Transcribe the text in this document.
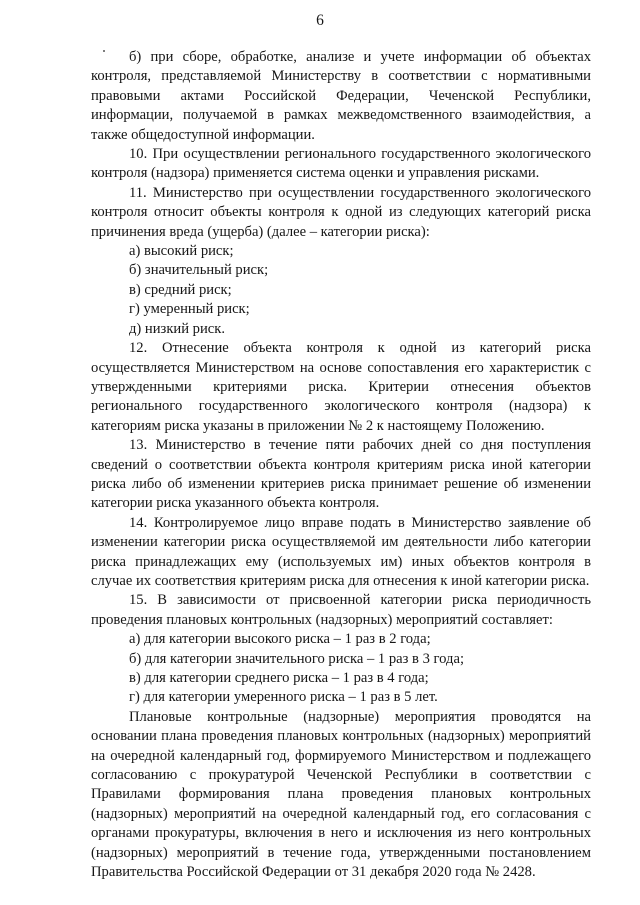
6

б) при сборе, обработке, анализе и учете информации об объектах контроля, представляемой Министерству в соответствии с нормативными правовыми актами Российской Федерации, Чеченской Республики, информации, получаемой в рамках межведомственного взаимодействия, а также общедоступной информации.

10. При осуществлении регионального государственного экологического контроля (надзора) применяется система оценки и управления рисками.

11. Министерство при осуществлении государственного экологического контроля относит объекты контроля к одной из следующих категорий риска причинения вреда (ущерба) (далее – категории риска):

а) высокий риск;

б) значительный риск;

в) средний риск;

г) умеренный риск;

д) низкий риск.

12. Отнесение объекта контроля к одной из категорий риска осуществляется Министерством на основе сопоставления его характеристик с утвержденными критериями риска. Критерии отнесения объектов регионального государственного экологического контроля (надзора) к категориям риска указаны в приложении № 2 к настоящему Положению.

13. Министерство в течение пяти рабочих дней со дня поступления сведений о соответствии объекта контроля критериям риска иной категории риска либо об изменении критериев риска принимает решение об изменении категории риска указанного объекта контроля.

14. Контролируемое лицо вправе подать в Министерство заявление об изменении категории риска осуществляемой им деятельности либо категории риска принадлежащих ему (используемых им) иных объектов контроля в случае их соответствия критериям риска для отнесения к иной категории риска.

15. В зависимости от присвоенной категории риска периодичность проведения плановых контрольных (надзорных) мероприятий составляет:

а) для категории высокого риска – 1 раз в 2 года;

б) для категории значительного риска – 1 раз в 3 года;

в) для категории среднего риска – 1 раз в 4 года;

г) для категории умеренного риска – 1 раз в 5 лет.

Плановые контрольные (надзорные) мероприятия проводятся на основании плана проведения плановых контрольных (надзорных) мероприятий на очередной календарный год, формируемого Министерством и подлежащего согласованию с прокуратурой Чеченской Республики в соответствии с Правилами формирования плана проведения плановых контрольных (надзорных) мероприятий на очередной календарный год, его согласования с органами прокуратуры, включения в него и исключения из него контрольных (надзорных) мероприятий в течение года, утвержденными постановлением Правительства Российской Федерации от 31 декабря 2020 года № 2428.
